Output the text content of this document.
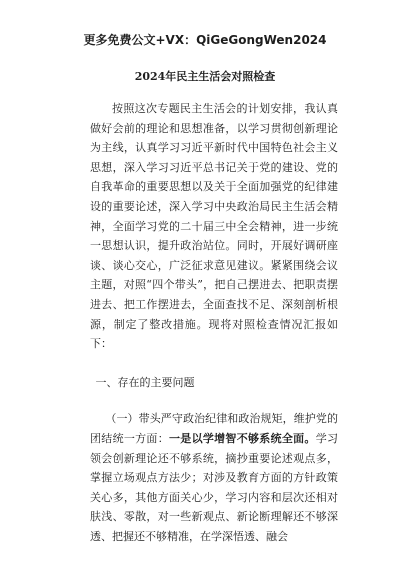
更多免费公文+VX：QiGeGongWen2024
2024年民主生活会对照检查

按照这次专题民主生活会的计划安排，我认真做好会前的理论和思想准备，以学习贯彻创新理论为主线，认真学习习近平新时代中国特色社会主义思想，深入学习习近平总书记关于党的建设、党的自我革命的重要思想以及关于全面加强党的纪律建设的重要论述，深入学习中央政治局民主生活会精神，全面学习党的二十届三中全会精神，进一步统一思想认识，提升政治站位。同时，开展好调研座谈、谈心交心，广泛征求意见建议。紧紧围绕会议主题，对照“四个带头”，把自己摆进去、把职责摆进去、把工作摆进去，全面查找不足、深刻剖析根源，制定了整改措施。现将对照检查情况汇报如下：

一、存在的主要问题

（一）带头严守政治纪律和政治规矩，维护党的团结统一方面：一是以学增智不够系统全面。学习领会创新理论还不够系统，摘抄重要论述观点多，掌握立场观点方法少；对涉及教育方面的方针政策关心多，其他方面关心少，学习内容和层次还相对肤浅、零散，对一些新观点、新论断理解还不够深透、把握还不够精准，在学深悟透、融会
